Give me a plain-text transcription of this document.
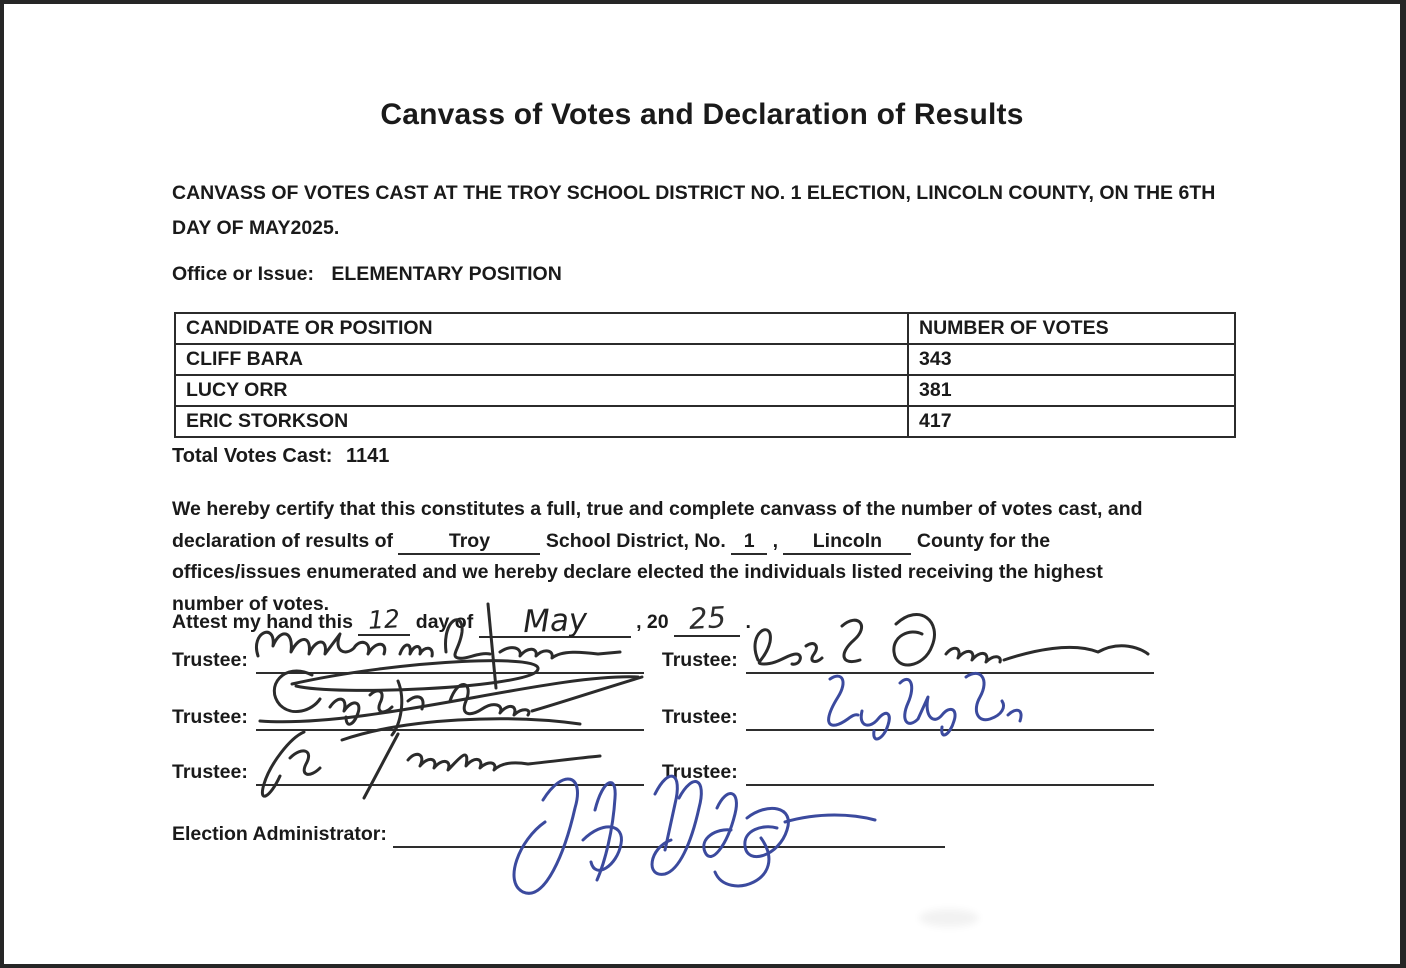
Canvass of Votes and Declaration of Results
CANVASS OF VOTES CAST AT THE TROY SCHOOL DISTRICT NO. 1 ELECTION, LINCOLN COUNTY, ON THE 6TH DAY OF MAY2025.
Office or Issue: ELEMENTARY POSITION
CANDIDATE OR POSITION	NUMBER OF VOTES
CLIFF BARA	343
LUCY ORR	381
ERIC STORKSON	417
Total Votes Cast: 1141
We hereby certify that this constitutes a full, true and complete canvass of the number of votes cast, and declaration of results of	Troy	School District, No. 1 , Lincoln County for the offices/issues enumerated and we hereby declare elected the individuals listed receiving the highest number of votes.
Attest my hand this 12 day of May , 20 25 .
Trustee:	Trustee:
Trustee:	Trustee:
Trustee:	Trustee:
Election Administrator:
